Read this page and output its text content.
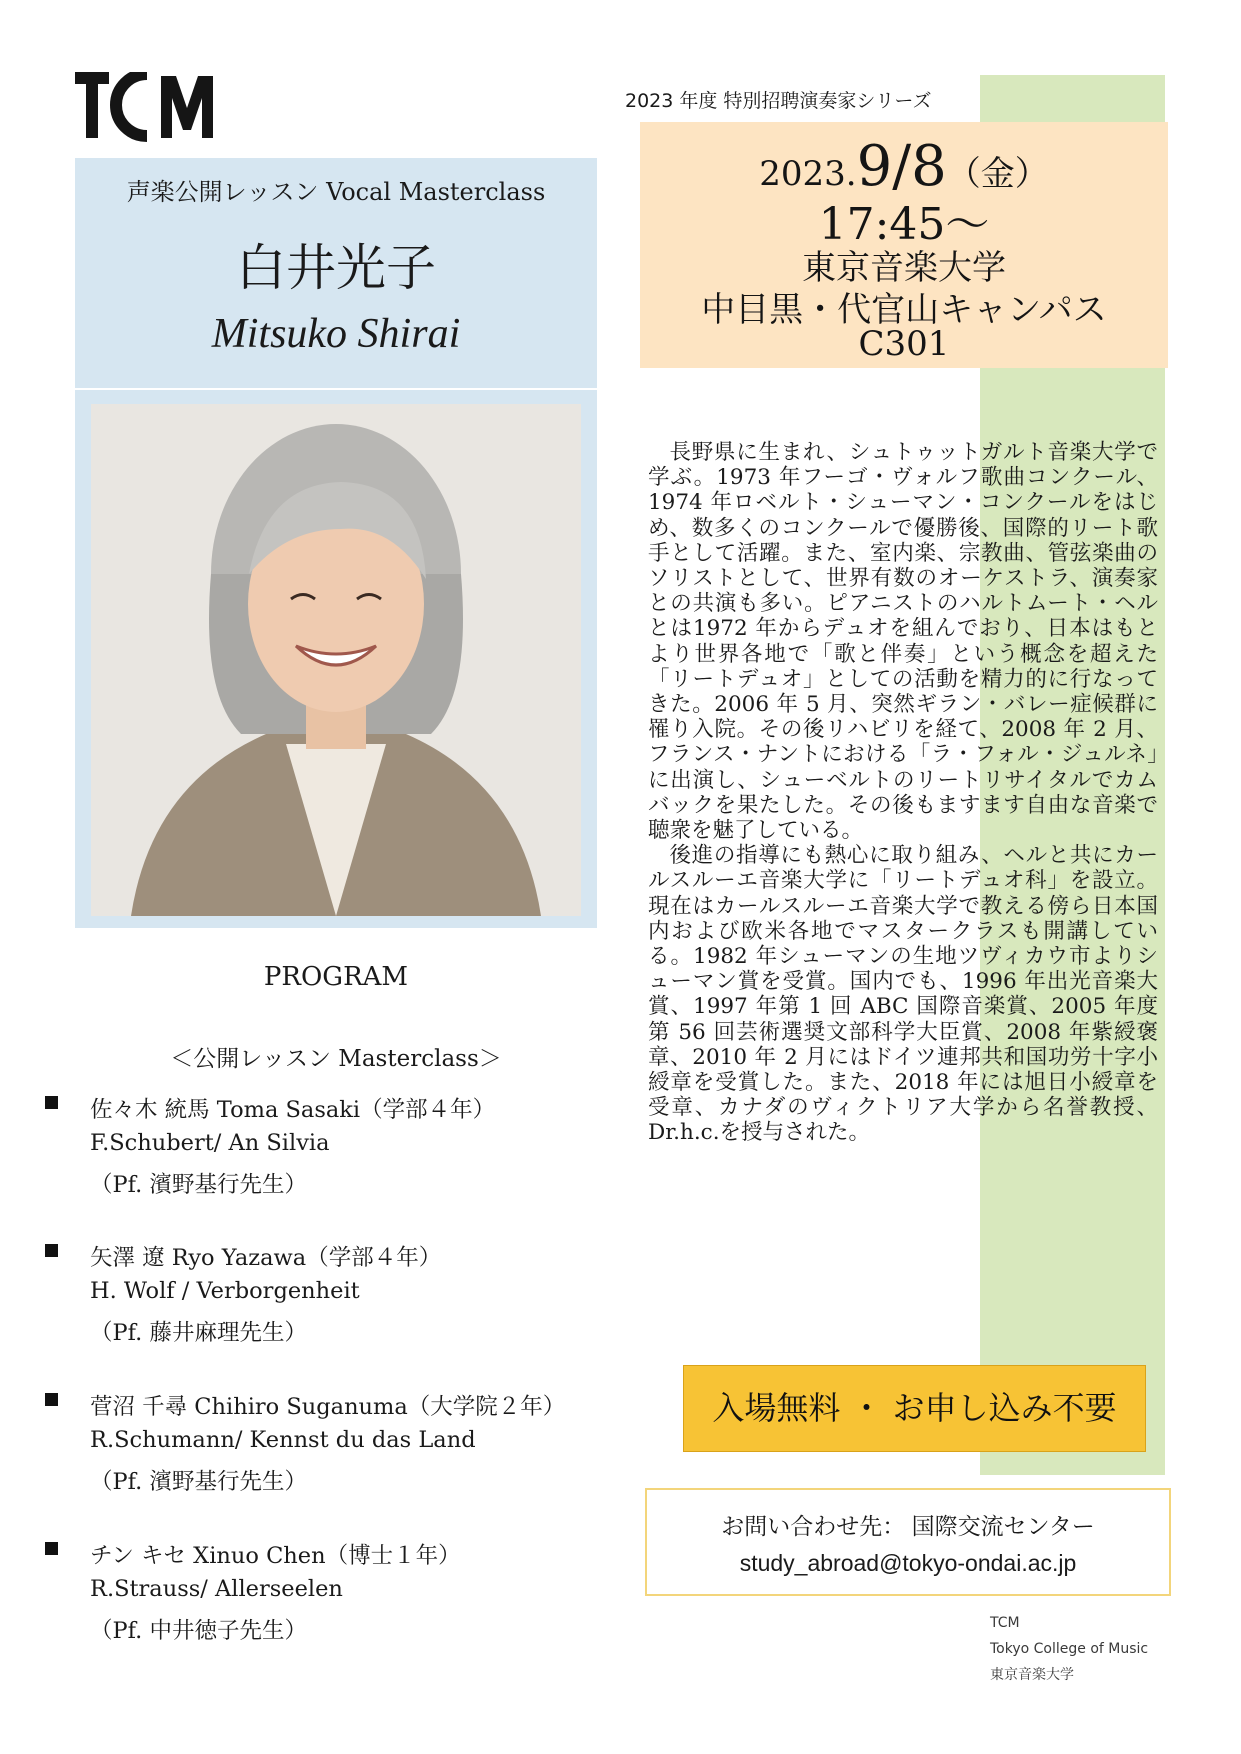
2023 年度 特別招聘演奏家シリーズ
2023.9/8（金）
17:45〜
東京音楽大学
中目黒・代官山キャンパス
C301
声楽公開レッスン Vocal Masterclass
白井光子
Mitsuko Shirai

長野県に生まれ、シュトゥットガルト音楽大学で学ぶ。1973 年フーゴ・ヴォルフ歌曲コンクール、1974 年ロベルト・シューマン・コンクールをはじめ、数多くのコンクールで優勝後、国際的リート歌手として活躍。また、室内楽、宗教曲、管弦楽曲のソリストとして、世界有数のオーケストラ、演奏家との共演も多い。ピアニストのハルトムート・ヘルとは1972 年からデュオを組んでおり、日本はもとより世界各地で「歌と伴奏」という概念を超えた「リートデュオ」としての活動を精力的に行なってきた。2006 年 5 月、突然ギラン・バレー症候群に罹り入院。その後リハビリを経て、2008 年 2 月、フランス・ナントにおける「ラ・フォル・ジュルネ」に出演し、シューベルトのリートリサイタルでカムバックを果たした。その後もますます自由な音楽で聴衆を魅了している。

後進の指導にも熱心に取り組み、ヘルと共にカールスルーエ音楽大学に「リートデュオ科」を設立。現在はカールスルーエ音楽大学で教える傍ら日本国内および欧米各地でマスタークラスも開講している。1982 年シューマンの生地ツヴィカウ市よりシューマン賞を受賞。国内でも、1996 年出光音楽大賞、1997 年第 1 回 ABC 国際音楽賞、2005 年度第 56 回芸術選奨文部科学大臣賞、2008 年紫綬褒章、2010 年 2 月にはドイツ連邦共和国功労十字小綬章を受賞した。また、2018 年には旭日小綬章を受章、カナダのヴィクトリア大学から名誉教授、Dr.h.c.を授与された。

入場無料 ・ お申し込み不要
お問い合わせ先： 国際交流センター
study_abroad@tokyo-ondai.ac.jp
TCM
Tokyo College of Music
東京音楽大学
PROGRAM
＜公開レッスン Masterclass＞
佐々木 統馬 Toma Sasaki（学部４年）
F.Schubert/ An Silvia
（Pf. 濱野基行先生）
矢澤 遼 Ryo Yazawa（学部４年）
H. Wolf / Verborgenheit
（Pf. 藤井麻理先生）
菅沼 千尋 Chihiro Suganuma（大学院２年）
R.Schumann/ Kennst du das Land
（Pf. 濱野基行先生）
チン キセ Xinuo Chen（博士１年）
R.Strauss/ Allerseelen
（Pf. 中井徳子先生）
